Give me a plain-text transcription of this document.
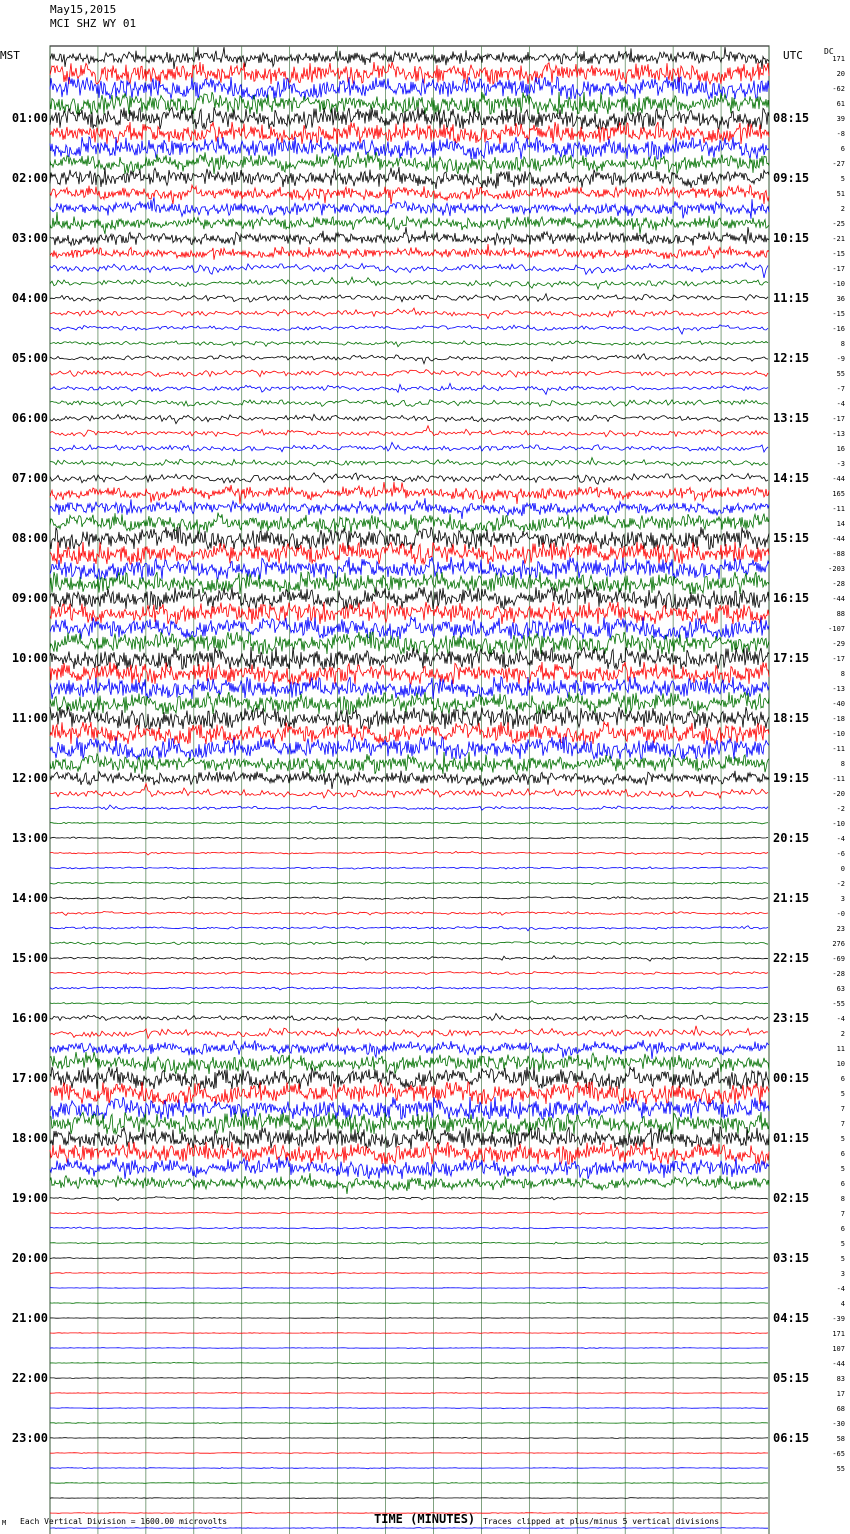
May15,2015
MCI SHZ WY 01
MST	UTC	DC
171
20
-62
61
39
-8
6
-27
5
51
2
-25
-21
-15
-17
-10
36
-15
-16
8
-9
55
-7
-4
-17
-13
16
-3
-44
165
-11
14
-44
-88
-203
-28
-44
88
-107
-29
-17
8
-13
-40
-18
-10
-11
8
-11
-20
-2
-10
-4
-6
0
-2
3
-0
23
276
-69
-28
63
-55
-4
2
11
10
6
5
7
7
5
6
5
6
8
7
6
5
5
3
-4
4
-39
171
107
-44
83
17
68
-30
58
-65
55
01:00	08:15
02:00	09:15
03:00	10:15
04:00	11:15
05:00	12:15
06:00	13:15
07:00	14:15
08:00	15:15
09:00	16:15
10:00	17:15
11:00	18:15
12:00	19:15
13:00	20:15
14:00	21:15
15:00	22:15
16:00	23:15
17:00	00:15
18:00	01:15
19:00	02:15
20:00	03:15
21:00	04:15
22:00	05:15
23:00	06:15
TIME (MINUTES)
Each Vertical Division = 1600.00 microvolts	Traces clipped at plus/minus 5 vertical divisions
M
